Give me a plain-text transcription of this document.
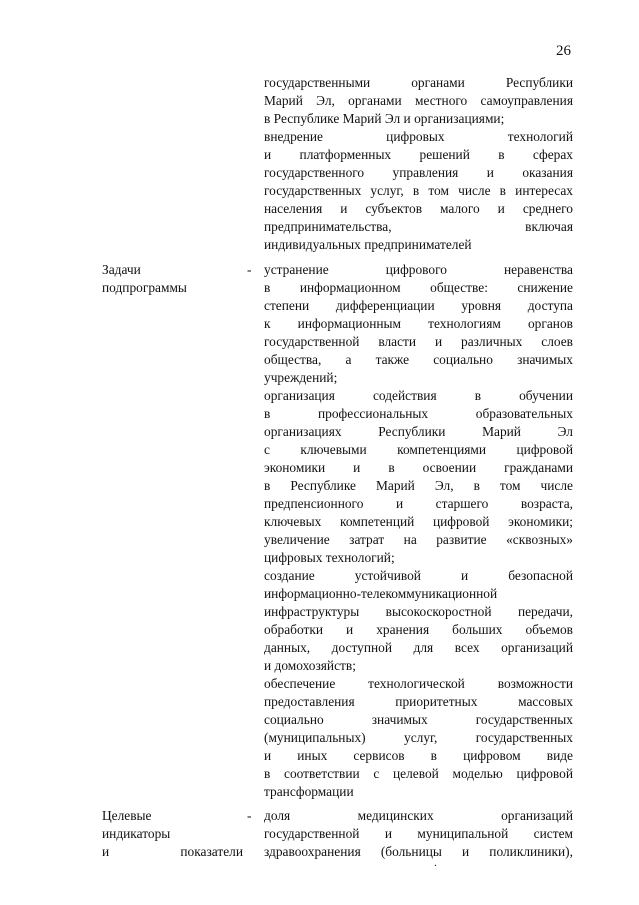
26
государственными органами Республики
Марий Эл, органами местного самоуправления
в Республике Марий Эл и организациями;
внедрение цифровых технологий
и платформенных решений в сферах
государственного управления и оказания
государственных услуг, в том числе в интересах
населения и субъектов малого и среднего
предпринимательства, включая
индивидуальных предпринимателей
Задачи
подпрограммы
- устранение цифрового неравенства
в информационном обществе: снижение
степени дифференциации уровня доступа
к информационным технологиям органов
государственной власти и различных слоев
общества, а также социально значимых
учреждений;
организация содействия в обучении
в профессиональных образовательных
организациях Республики Марий Эл
с ключевыми компетенциями цифровой
экономики и в освоении гражданами
в Республике Марий Эл, в том числе
предпенсионного и старшего возраста,
ключевых компетенций цифровой экономики;
увеличение затрат на развитие «сквозных»
цифровых технологий;
создание устойчивой и безопасной
информационно-телекоммуникационной
инфраструктуры высокоскоростной передачи,
обработки и хранения больших объемов
данных, доступной для всех организаций
и домохозяйств;
обеспечение технологической возможности
предоставления приоритетных массовых
социально значимых государственных
(муниципальных) услуг, государственных
и иных сервисов в цифровом виде
в соответствии с целевой моделью цифровой
трансформации
Целевые
индикаторы
и показатели
- доля медицинских организаций
государственной и муниципальной систем
здравоохранения (больницы и поликлиники),
.
